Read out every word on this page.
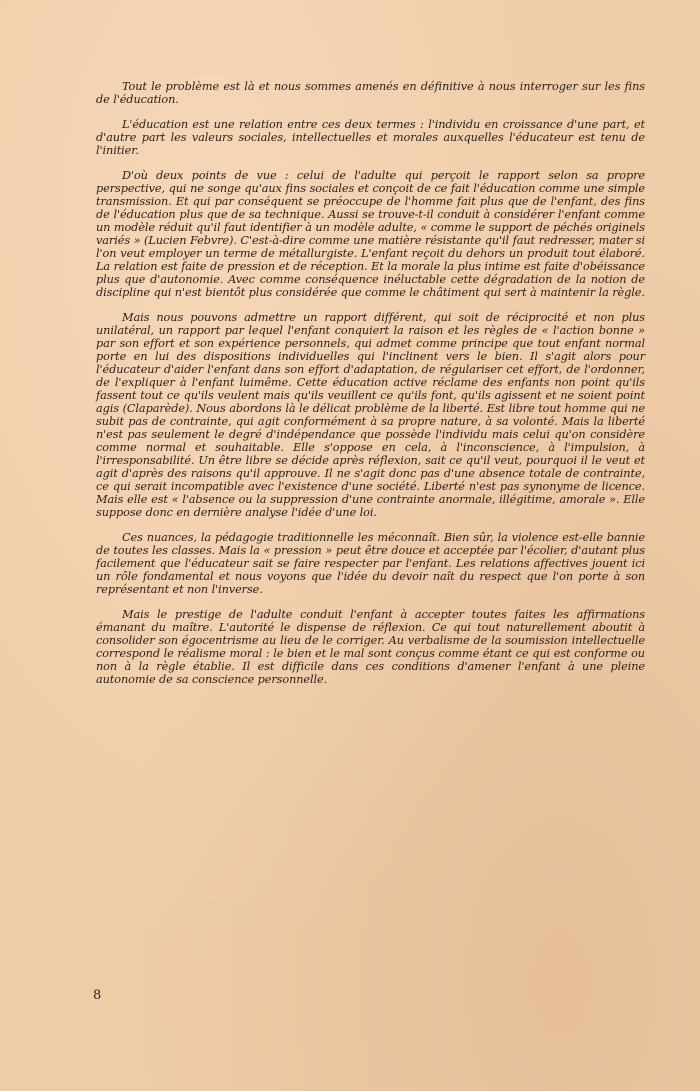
Tout le problème est là et nous sommes amenés en définitive à nous interroger sur les fins de l'éducation.

L'éducation est une relation entre ces deux termes : l'individu en croissance d'une part, et d'autre part les valeurs sociales, intellectuelles et morales auxquelles l'éducateur est tenu de l'initier.

D'où deux points de vue : celui de l'adulte qui perçoit le rapport selon sa propre perspective, qui ne songe qu'aux fins sociales et conçoit de ce fait l'éducation comme une simple transmission. Et qui par conséquent se préoccupe de l'homme fait plus que de l'enfant, des fins de l'éducation plus que de sa technique. Aussi se trouve-t-il conduit à considérer l'enfant comme un modèle réduit qu'il faut identifier à un modèle adulte, « comme le support de péchés originels variés » (Lucien Febvre). C'est-à-dire comme une matière résistante qu'il faut redresser, mater si l'on veut employer un terme de métallurgiste. L'enfant reçoit du dehors un produit tout élaboré. La relation est faite de pression et de réception. Et la morale la plus intime est faite d'obéissance plus que d'autonomie. Avec comme conséquence inéluctable cette dégradation de la notion de discipline qui n'est bientôt plus considérée que comme le châtiment qui sert à maintenir la règle.

Mais nous pouvons admettre un rapport différent, qui soit de réciprocité et non plus unilatéral, un rapport par lequel l'enfant conquiert la raison et les règles de « l'action bonne » par son effort et son expérience personnels, qui admet comme principe que tout enfant normal porte en lui des dispositions individuelles qui l'inclinent vers le bien. Il s'agit alors pour l'éducateur d'aider l'enfant dans son effort d'adaptation, de régulariser cet effort, de l'ordonner, de l'expliquer à l'enfant luimême. Cette éducation active réclame des enfants non point qu'ils fassent tout ce qu'ils veulent mais qu'ils veuillent ce qu'ils font, qu'ils agissent et ne soient point agis (Claparède). Nous abordons là le délicat problème de la liberté. Est libre tout homme qui ne subit pas de contrainte, qui agit conformément à sa propre nature, à sa volonté. Mais la liberté n'est pas seulement le degré d'indépendance que possède l'individu mais celui qu'on considère comme normal et souhaitable. Elle s'oppose en cela, à l'inconscience, à l'impulsion, à l'irresponsabilité. Un être libre se décide après réflexion, sait ce qu'il veut, pourquoi il le veut et agit d'après des raisons qu'il approuve. Il ne s'agit donc pas d'une absence totale de contrainte, ce qui serait incompatible avec l'existence d'une société. Liberté n'est pas synonyme de licence. Mais elle est « l'absence ou la suppression d'une contrainte anormale, illégitime, amorale ». Elle suppose donc en dernière analyse l'idée d'une loi.

Ces nuances, la pédagogie traditionnelle les méconnaît. Bien sûr, la violence est-elle bannie de toutes les classes. Mais la « pression » peut être douce et acceptée par l'écolier, d'autant plus facilement que l'éducateur sait se faire respecter par l'enfant. Les relations affectives jouent ici un rôle fondamental et nous voyons que l'idée du devoir naît du respect que l'on porte à son représentant et non l'inverse.

Mais le prestige de l'adulte conduit l'enfant à accepter toutes faites les affirmations émanant du maître. L'autorité le dispense de réflexion. Ce qui tout naturellement aboutit à consolider son égocentrisme au lieu de le corriger. Au verbalisme de la soumission intellectuelle correspond le réalisme moral : le bien et le mal sont conçus comme étant ce qui est conforme ou non à la règle établie. Il est difficile dans ces conditions d'amener l'enfant à une pleine autonomie de sa conscience personnelle.

8
